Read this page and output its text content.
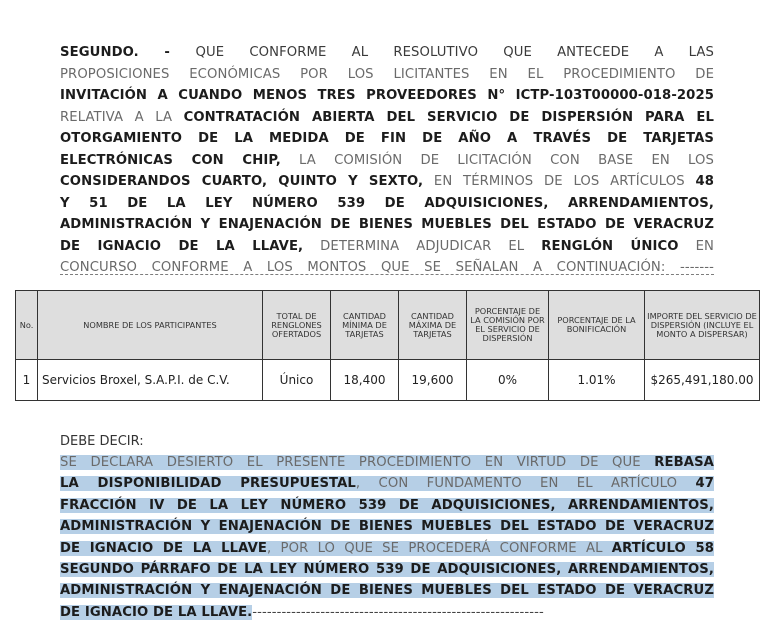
SEGUNDO. - QUE CONFORME AL RESOLUTIVO QUE ANTECEDE A LAS
PROPOSICIONES ECONÓMICAS POR LOS LICITANTES EN EL PROCEDIMIENTO DE
INVITACIÓN A CUANDO MENOS TRES PROVEEDORES N° ICTP-103T00000-018-2025
RELATIVA A LA CONTRATACIÓN ABIERTA DEL SERVICIO DE DISPERSIÓN PARA EL
OTORGAMIENTO DE LA MEDIDA DE FIN DE AÑO A TRAVÉS DE TARJETAS
ELECTRÓNICAS CON CHIP, LA COMISIÓN DE LICITACIÓN CON BASE EN LOS
CONSIDERANDOS CUARTO, QUINTO Y SEXTO, EN TÉRMINOS DE LOS ARTÍCULOS 48
Y 51 DE LA LEY NÚMERO 539 DE ADQUISICIONES, ARRENDAMIENTOS,
ADMINISTRACIÓN Y ENAJENACIÓN DE BIENES MUEBLES DEL ESTADO DE VERACRUZ
DE IGNACIO DE LA LLAVE, DETERMINA ADJUDICAR EL RENGLÓN ÚNICO EN
CONCURSO CONFORME A LOS MONTOS QUE SE SEÑALAN A CONTINUACIÓN: -------
No.	NOMBRE DE LOS PARTICIPANTES	TOTAL DE RENGLONES OFERTADOS	CANTIDAD MÍNIMA DE TARJETAS	CANTIDAD MÁXIMA DE TARJETAS	PORCENTAJE DE LA COMISIÓN POR EL SERVICIO DE DISPERSIÓN	PORCENTAJE DE LA BONIFICACIÓN	IMPORTE DEL SERVICIO DE DISPERSIÓN (INCLUYE EL MONTO A DISPERSAR)
1	Servicios Broxel, S.A.P.I. de C.V.	Único	18,400	19,600	0%	1.01%	$265,491,180.00
DEBE DECIR:
SE DECLARA DESIERTO EL PRESENTE PROCEDIMIENTO EN VIRTUD DE QUE REBASA
LA DISPONIBILIDAD PRESUPUESTAL, CON FUNDAMENTO EN EL ARTÍCULO 47
FRACCIÓN IV DE LA LEY NÚMERO 539 DE ADQUISICIONES, ARRENDAMIENTOS,
ADMINISTRACIÓN Y ENAJENACIÓN DE BIENES MUEBLES DEL ESTADO DE VERACRUZ
DE IGNACIO DE LA LLAVE, POR LO QUE SE PROCEDERÁ CONFORME AL ARTÍCULO 58
SEGUNDO PÁRRAFO DE LA LEY NÚMERO 539 DE ADQUISICIONES, ARRENDAMIENTOS,
ADMINISTRACIÓN Y ENAJENACIÓN DE BIENES MUEBLES DEL ESTADO DE VERACRUZ
DE IGNACIO DE LA LLAVE.------------------------------------------------------------
